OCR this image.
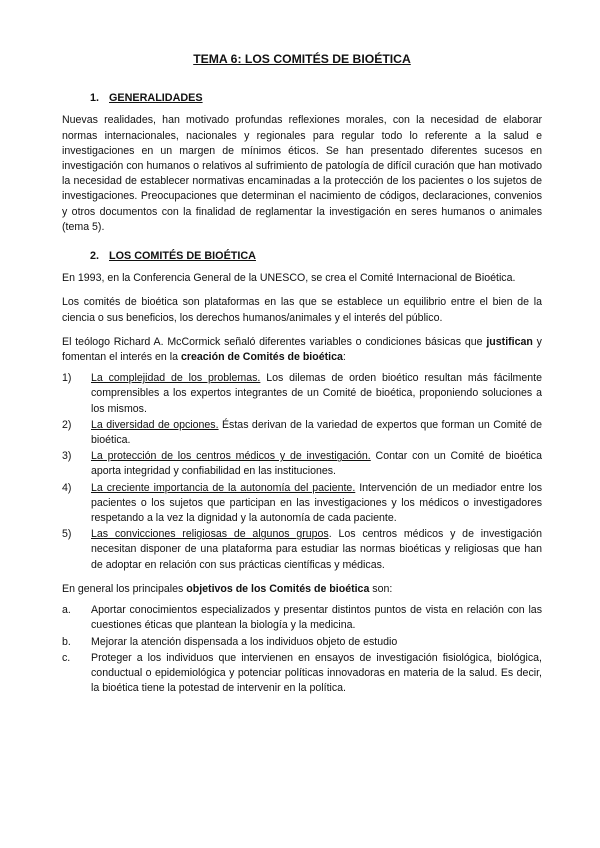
TEMA 6: LOS COMITÉS DE BIOÉTICA
1. GENERALIDADES

Nuevas realidades, han motivado profundas reflexiones morales, con la necesidad de elaborar normas internacionales, nacionales y regionales para regular todo lo referente a la salud e investigaciones en un margen de mínimos éticos. Se han presentado diferentes sucesos en investigación con humanos o relativos al sufrimiento de patología de difícil curación que han motivado la necesidad de establecer normativas encaminadas a la protección de los pacientes o los sujetos de investigaciones. Preocupaciones que determinan el nacimiento de códigos, declaraciones, convenios y otros documentos con la finalidad de reglamentar la investigación en seres humanos o animales (tema 5).

2. LOS COMITÉS DE BIOÉTICA

En 1993, en la Conferencia General de la UNESCO, se crea el Comité Internacional de Bioética.

Los comités de bioética son plataformas en las que se establece un equilibrio entre el bien de la ciencia o sus beneficios, los derechos humanos/animales y el interés del público.

El teólogo Richard A. McCormick señaló diferentes variables o condiciones básicas que justifican y fomentan el interés en la creación de Comités de bioética:

1)	La complejidad de los problemas. Los dilemas de orden bioético resultan más fácilmente comprensibles a los expertos integrantes de un Comité de bioética, proponiendo soluciones a los mismos.
2)	La diversidad de opciones. Éstas derivan de la variedad de expertos que forman un Comité de bioética.
3)	La protección de los centros médicos y de investigación. Contar con un Comité de bioética aporta integridad y confiabilidad en las instituciones.
4)	La creciente importancia de la autonomía del paciente. Intervención de un mediador entre los pacientes o los sujetos que participan en las investigaciones y los médicos o investigadores respetando a la vez la dignidad y la autonomía de cada paciente.
5)	Las convicciones religiosas de algunos grupos. Los centros médicos y de investigación necesitan disponer de una plataforma para estudiar las normas bioéticas y religiosas que han de adoptar en relación con sus prácticas científicas y médicas.

En general los principales objetivos de los Comités de bioética son:

a.	Aportar conocimientos especializados y presentar distintos puntos de vista en relación con las cuestiones éticas que plantean la biología y la medicina.
b.	Mejorar la atención dispensada a los individuos objeto de estudio
c.	Proteger a los individuos que intervienen en ensayos de investigación fisiológica, biológica, conductual o epidemiológica y potenciar políticas innovadoras en materia de la salud. Es decir, la bioética tiene la potestad de intervenir en la política.
